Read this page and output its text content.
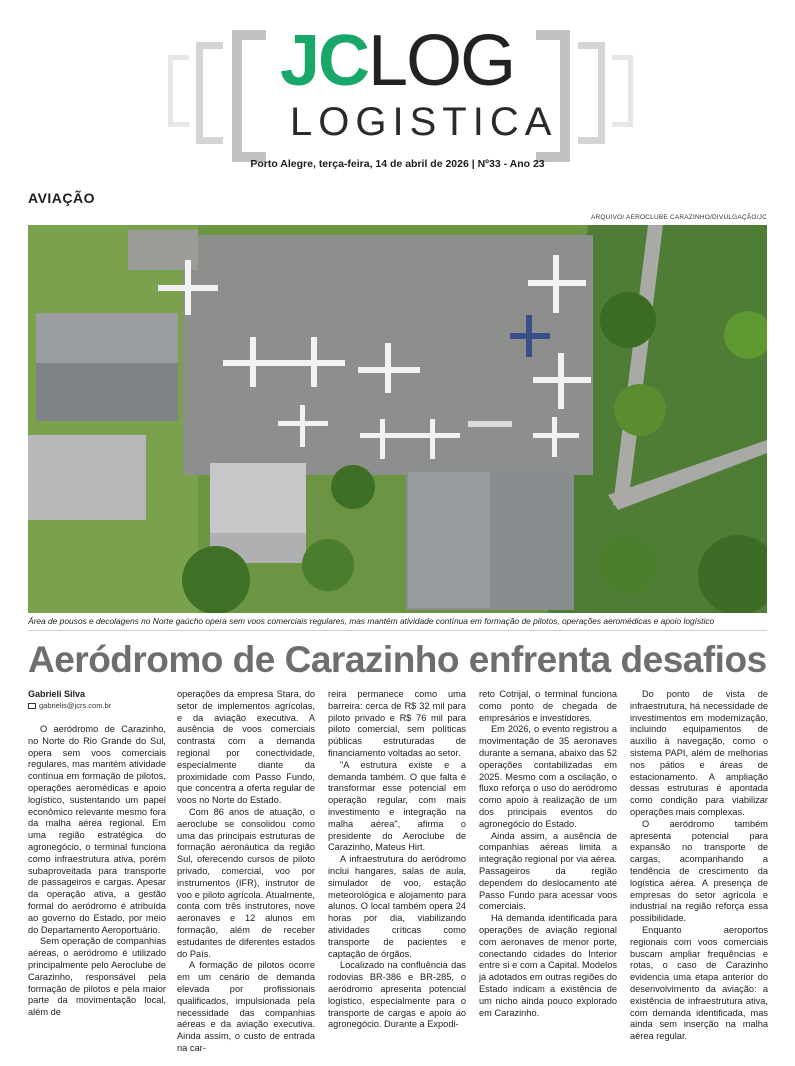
JCLOG
LOGISTICA
Porto Alegre, terça-feira, 14 de abril de 2026 | Nº33 - Ano 23
AVIAÇÃO
ARQUIVO/ AEROCLUBE CARAZINHO/DIVULGAÇÃO/JC
Área de pousos e decolagens no Norte gaúcho opera sem voos comerciais regulares, mas mantém atividade contínua em formação de pilotos, operações aeromédicas e apoio logístico
Aeródromo de Carazinho enfrenta desafios
Gabrieli Silva
gabrielis@jcrs.com.br

O aeródromo de Carazinho, no Norte do Rio Grande do Sul, opera sem voos comerciais regulares, mas mantém atividade contínua em formação de pilotos, operações aeromédicas e apoio logístico, sustentando um papel econômico relevante mesmo fora da malha aérea regional. Em uma região estratégica do agronegócio, o terminal funciona como infraestrutura ativa, porém subaproveitada para transporte de passageiros e cargas. Apesar da operação ativa, a gestão formal do aeródromo é atribuída ao governo do Estado, por meio do Departamento Aeroportuário.

Sem operação de companhias aéreas, o aeródromo é utilizado principalmente pelo Aeroclube de Carazinho, responsável pela formação de pilotos e pela maior parte da movimentação local, além de

operações da empresa Stara, do setor de implementos agrícolas, e da aviação executiva. A ausência de voos comerciais contrasta com a demanda regional por conectividade, especialmente diante da proximidade com Passo Fundo, que concentra a oferta regular de voos no Norte do Estado.

Com 86 anos de atuação, o aeroclube se consolidou como uma das principais estruturas de formação aeronáutica da região Sul, oferecendo cursos de piloto privado, comercial, voo por instrumentos (IFR), instrutor de voo e piloto agrícola. Atualmente, conta com três instrutores, nove aeronaves e 12 alunos em formação, além de receber estudantes de diferentes estados do País.

A formação de pilotos ocorre em um cenário de demanda elevada por profissionais qualificados, impulsionada pela necessidade das companhias aéreas e da aviação executiva. Ainda assim, o custo de entrada na car-

reira permanece como uma barreira: cerca de R$ 32 mil para piloto privado e R$ 76 mil para piloto comercial, sem políticas públicas estruturadas de financiamento voltadas ao setor.

"A estrutura existe e a demanda também. O que falta é transformar esse potencial em operação regular, com mais investimento e integração na malha aérea", afirma o presidente do Aeroclube de Carazinho, Mateus Hirt.

A infraestrutura do aeródromo inclui hangares, salas de aula, simulador de voo, estação meteorológica e alojamento para alunos. O local também opera 24 horas por dia, viabilizando atividades críticas como transporte de pacientes e captação de órgãos.

Localizado na confluência das rodovias BR-386 e BR-285, o aeródromo apresenta potencial logístico, especialmente para o transporte de cargas e apoio ao agronegócio. Durante a Expodi-

reto Cotrijal, o terminal funciona como ponto de chegada de empresários e investidores.

Em 2026, o evento registrou a movimentação de 35 aeronaves durante a semana, abaixo das 52 operações contabilizadas em 2025. Mesmo com a oscilação, o fluxo reforça o uso do aeródromo como apoio à realização de um dos principais eventos do agronegócio do Estado.

Ainda assim, a ausência de companhias aéreas limita a integração regional por via aérea. Passageiros da região dependem do deslocamento até Passo Fundo para acessar voos comerciais.

Há demanda identificada para operações de aviação regional com aeronaves de menor porte, conectando cidades do Interior entre si e com a Capital. Modelos já adotados em outras regiões do Estado indicam a existência de um nicho ainda pouco explorado em Carazinho.

Do ponto de vista de infraestrutura, há necessidade de investimentos em modernização, incluindo equipamentos de auxílio à navegação, como o sistema PAPI, além de melhorias nos pátios e áreas de estacionamento. A ampliação dessas estruturas é apontada como condição para viabilizar operações mais complexas.

O aeródromo também apresenta potencial para expansão no transporte de cargas, acompanhando a tendência de crescimento da logística aérea. A presença de empresas do setor agrícola e industrial na região reforça essa possibilidade.

Enquanto aeroportos regionais com voos comerciais buscam ampliar frequências e rotas, o caso de Carazinho evidencia uma etapa anterior do desenvolvimento da aviação: a existência de infraestrutura ativa, com demanda identificada, mas ainda sem inserção na malha aérea regular.
